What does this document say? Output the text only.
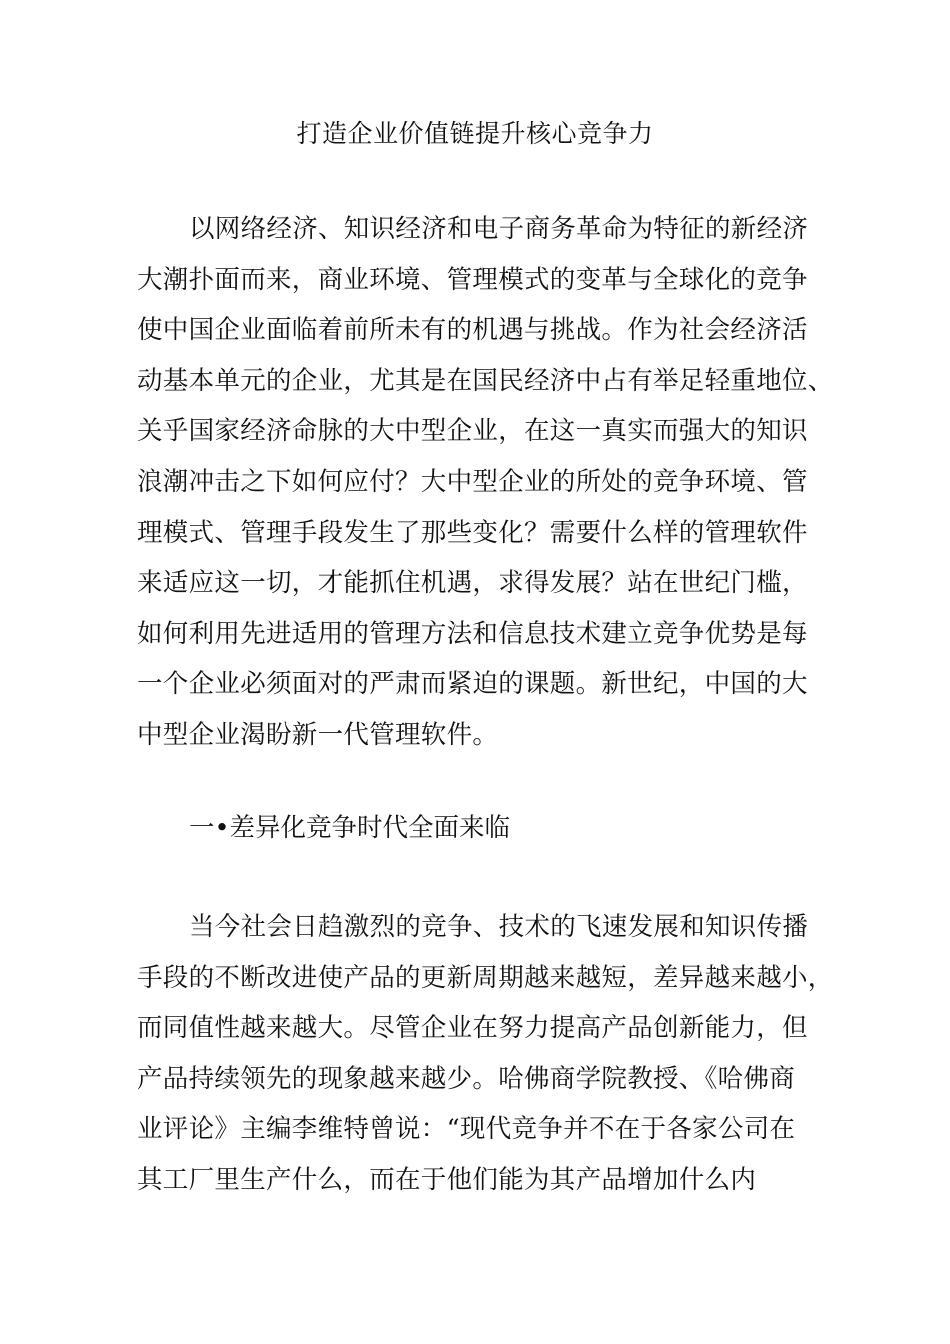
打造企业价值链提升核心竞争力
以网络经济、知识经济和电子商务革命为特征的新经济
大潮扑面而来，商业环境、管理模式的变革与全球化的竞争
使中国企业面临着前所未有的机遇与挑战。作为社会经济活
动基本单元的企业，尤其是在国民经济中占有举足轻重地位、
关乎国家经济命脉的大中型企业，在这一真实而强大的知识
浪潮冲击之下如何应付？大中型企业的所处的竞争环境、管
理模式、管理手段发生了那些变化？需要什么样的管理软件
来适应这一切，才能抓住机遇，求得发展？站在世纪门槛，
如何利用先进适用的管理方法和信息技术建立竞争优势是每
一个企业必须面对的严肃而紧迫的课题。新世纪，中国的大
中型企业渴盼新一代管理软件。
一•差异化竞争时代全面来临
当今社会日趋激烈的竞争、技术的飞速发展和知识传播
手段的不断改进使产品的更新周期越来越短，差异越来越小，
而同值性越来越大。尽管企业在努力提高产品创新能力，但
产品持续领先的现象越来越少。哈佛商学院教授、《哈佛商
业评论》主编李维特曾说：“现代竞争并不在于各家公司在
其工厂里生产什么，而在于他们能为其产品增加什么内
